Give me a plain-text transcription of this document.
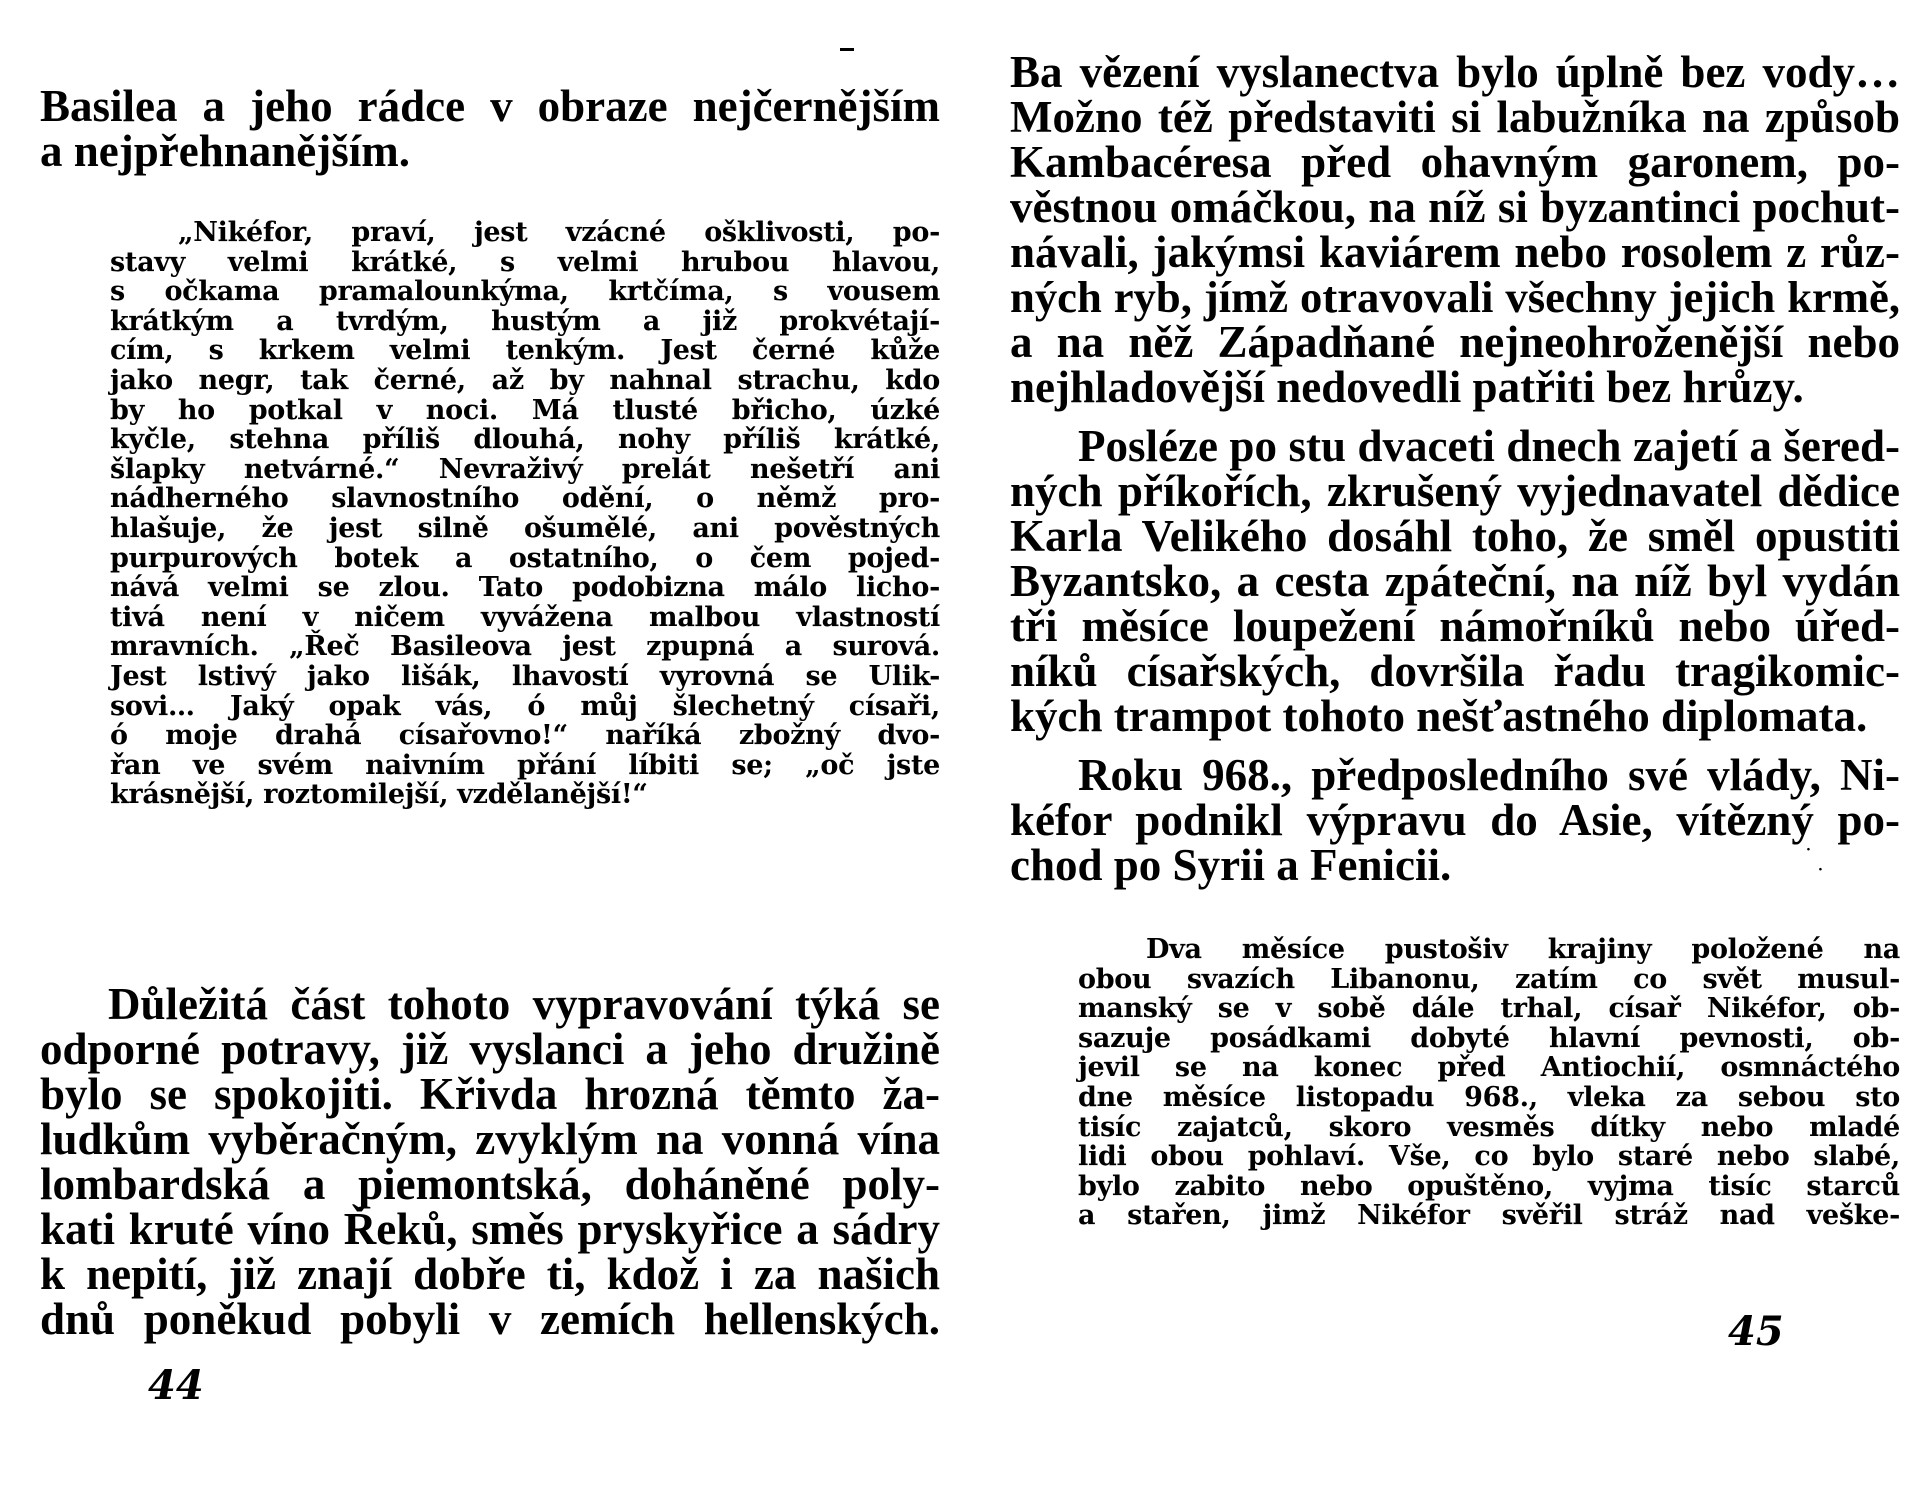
Basilea a jeho rádce v obraze nejčernějším
a nejpřehnanějším.
„Nikéfor, praví, jest vzácné ošklivosti, po-
stavy velmi krátké, s velmi hrubou hlavou,
s očkama pramalounkýma, krtčíma, s vousem
krátkým a tvrdým, hustým a již prokvétají-
cím, s krkem velmi tenkým. Jest černé kůže
jako negr, tak černé, až by nahnal strachu, kdo
by ho potkal v noci. Má tlusté břicho, úzké
kyčle, stehna příliš dlouhá, nohy příliš krátké,
šlapky netvárné.“ Nevraživý prelát nešetří ani
nádherného slavnostního odění, o němž pro-
hlašuje, že jest silně ošumělé, ani pověstných
purpurových botek a ostatního, o čem pojed-
nává velmi se zlou. Tato podobizna málo licho-
tivá není v ničem vyvážena malbou vlastností
mravních. „Řeč Basileova jest zpupná a surová.
Jest lstivý jako lišák, lhavostí vyrovná se Ulik-
sovi… Jaký opak vás, ó můj šlechetný císaři,
ó moje drahá císařovno!“ naříká zbožný dvo-
řan ve svém naivním přání líbiti se; „oč jste
krásnější, roztomilejší, vzdělanější!“
Důležitá část tohoto vypravování týká se
odporné potravy, již vyslanci a jeho družině
bylo se spokojiti. Křivda hrozná těmto ža-
ludkům vyběračným, zvyklým na vonná vína
lombardská a piemontská, doháněné poly-
kati kruté víno Řeků, směs pryskyřice a sádry
k nepití, již znají dobře ti, kdož i za našich
dnů poněkud pobyli v zemích hellenských.
44
Ba vězení vyslanectva bylo úplně bez vody…
Možno též představiti si labužníka na způsob
Kambacéresa před ohavným garonem, po-
věstnou omáčkou, na níž si byzantinci pochut-
návali, jakýmsi kaviárem nebo rosolem z růz-
ných ryb, jímž otravovali všechny jejich krmě,
a na něž Západňané nejneohroženější nebo
nejhladovější nedovedli patřiti bez hrůzy.
Posléze po stu dvaceti dnech zajetí a šered-
ných příkořích, zkrušený vyjednavatel dědice
Karla Velikého dosáhl toho, že směl opustiti
Byzantsko, a cesta zpáteční, na níž byl vydán
tři měsíce loupežení námořníků nebo úřed-
níků císařských, dovršila řadu tragikomic-
kých trampot tohoto nešťastného diplomata.
Roku 968., předposledního své vlády, Ni-
kéfor podnikl výpravu do Asie, vítězný po-
chod po Syrii a Fenicii.	·
·
Dva měsíce pustošiv krajiny položené na
obou svazích Libanonu, zatím co svět musul-
manský se v sobě dále trhal, císař Nikéfor, ob-
sazuje posádkami dobyté hlavní pevnosti, ob-
jevil se na konec před Antiochií, osmnáctého
dne měsíce listopadu 968., vleka za sebou sto
tisíc zajatců, skoro vesměs dítky nebo mladé
lidi obou pohlaví. Vše, co bylo staré nebo slabé,
bylo zabito nebo opuštěno, vyjma tisíc starců
a stařen, jimž Nikéfor svěřil stráž nad veške-
45
